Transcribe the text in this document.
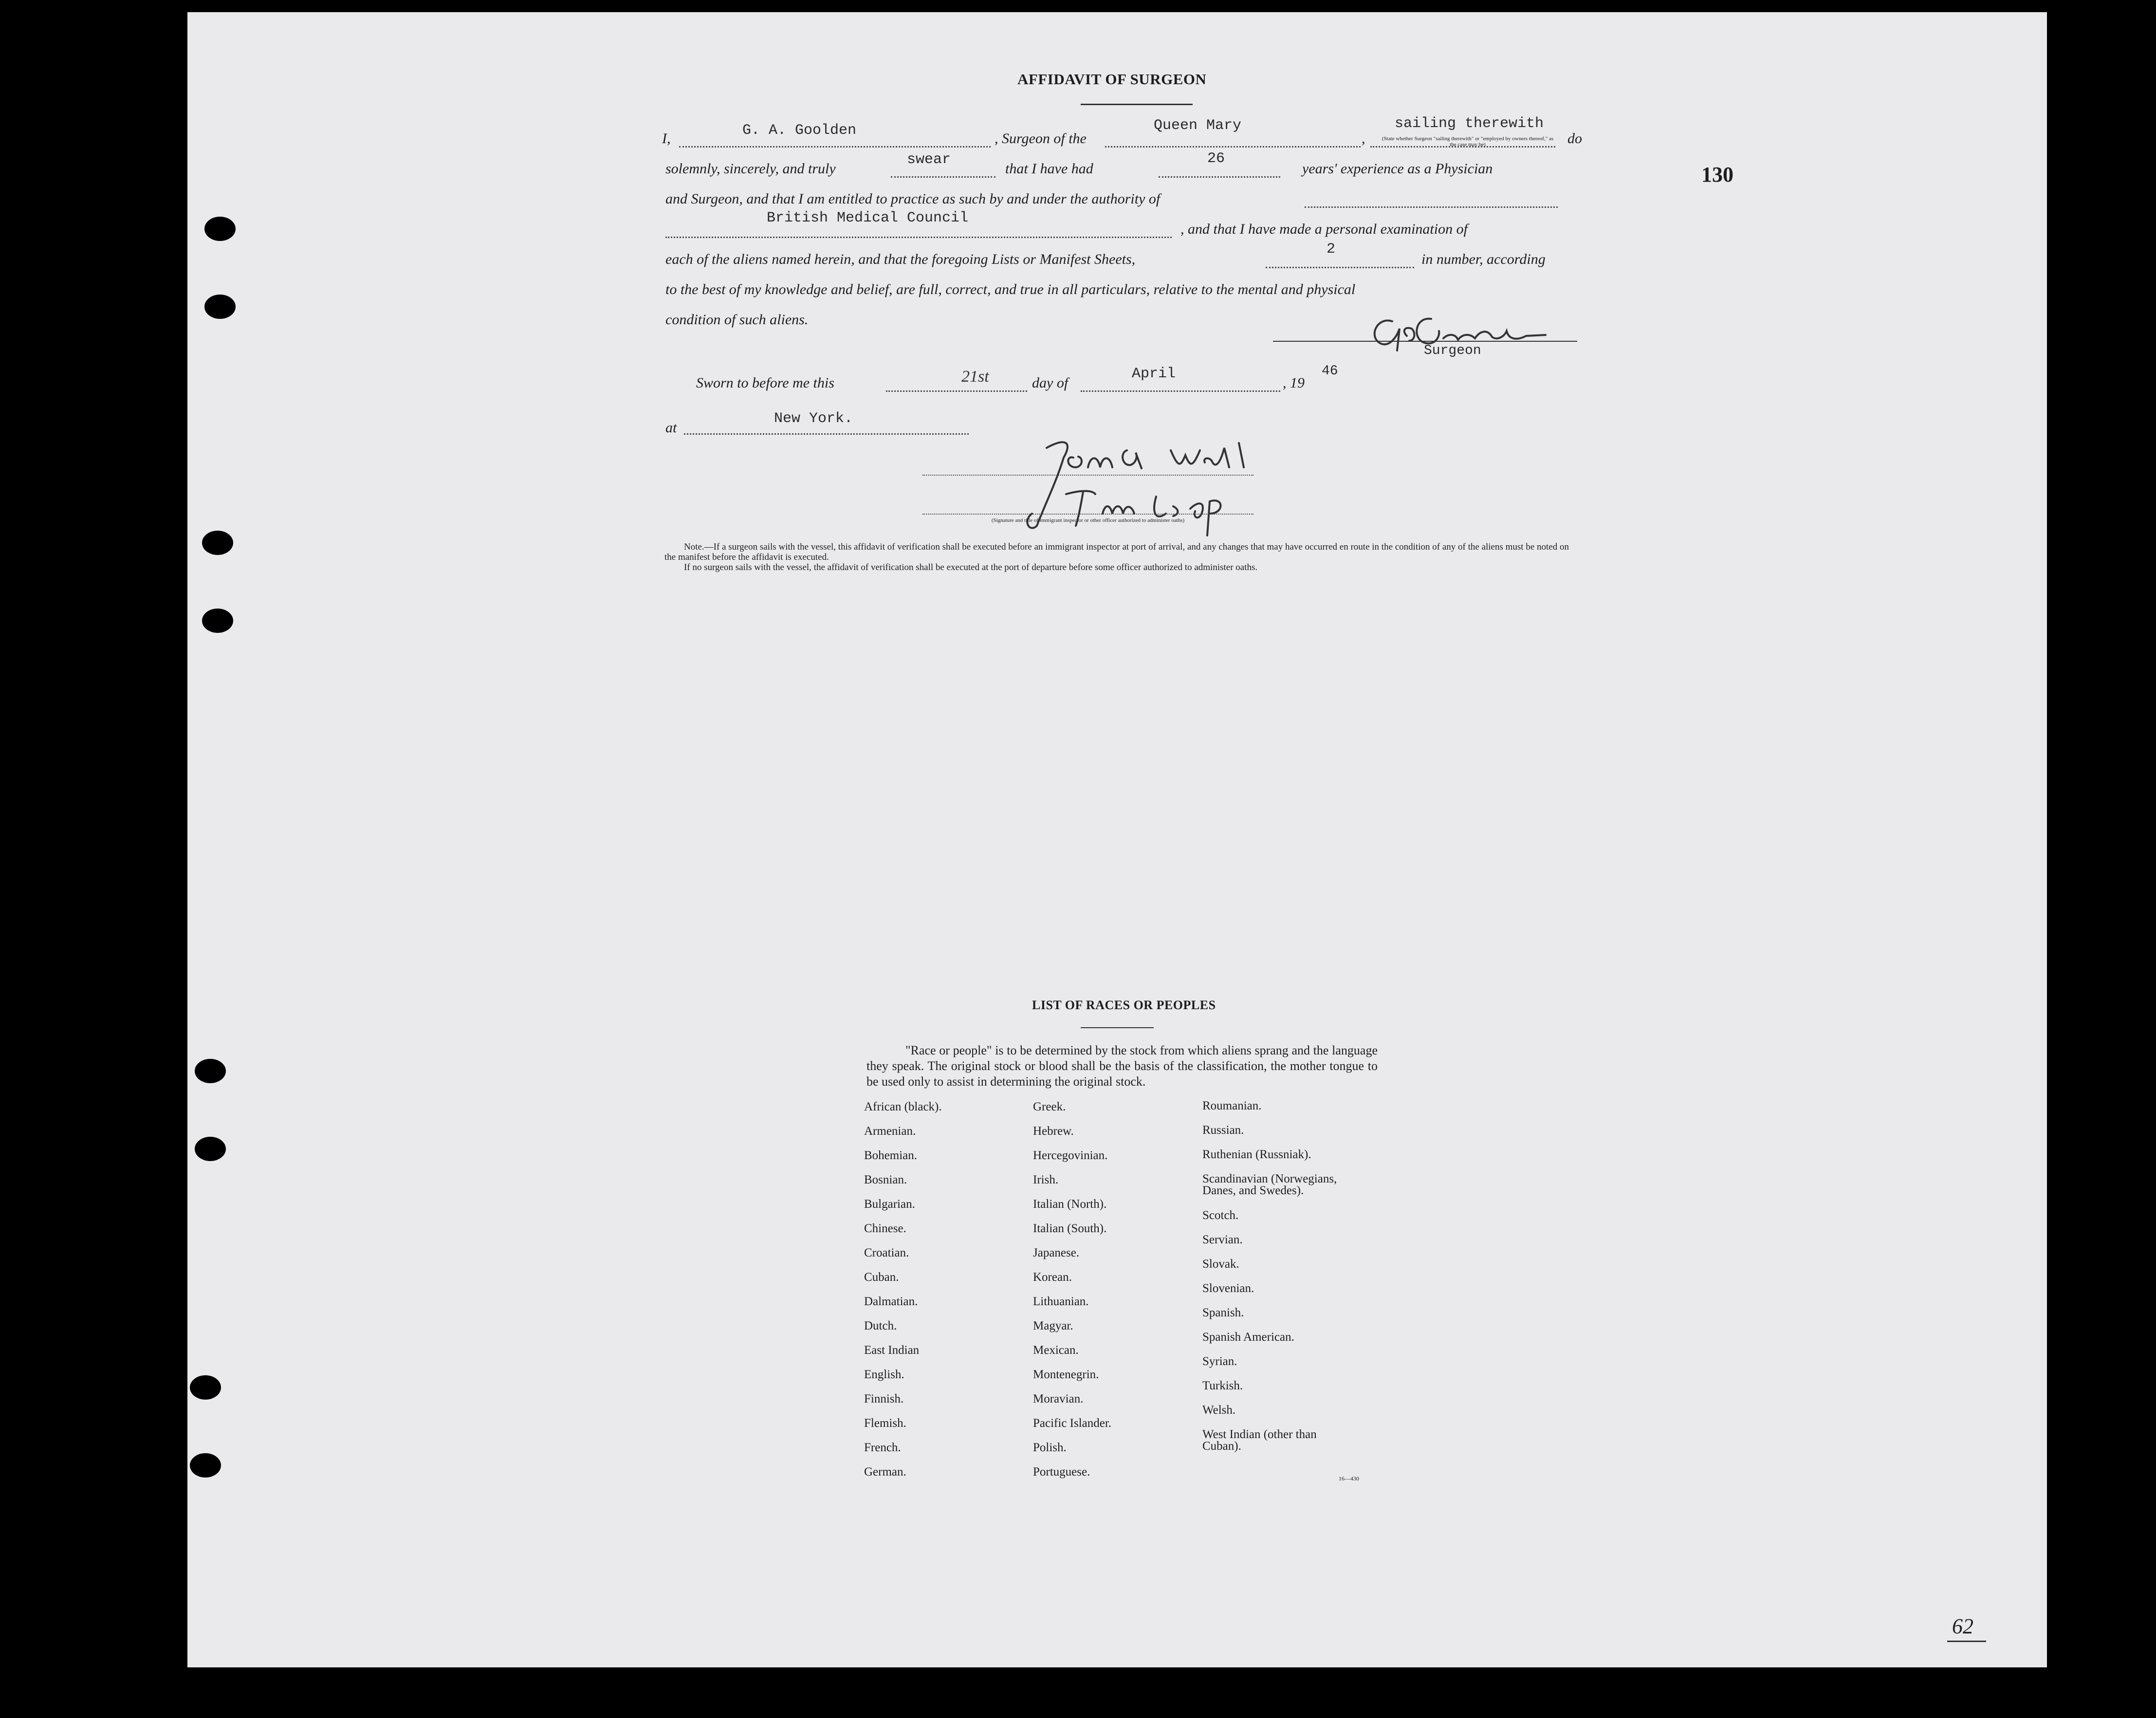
130
AFFIDAVIT OF SURGEON
I,	G. A. Goolden	, Surgeon of the
Queen Mary
,
sailing therewith
(State whether Surgeon "sailing therewith" or "employed by owners thereof," as the case may be)	do
solemnly, sincerely, and truly
swear
that I have had
26
years' experience as a Physician
and Surgeon, and that I am entitled to practice as such by and under the authority of
British Medical Council
, and that I have made a personal examination of
each of the aliens named herein, and that the foregoing Lists or Manifest Sheets,
2
in number, according
to the best of my knowledge and belief, are full, correct, and true in all particulars, relative to the mental and physical
condition of such aliens.
Surgeon
Sworn to before me this	21st	day of
April
, 19
46
at
New York.
(Signature and title of immigrant inspector or other officer authorized to administer oaths)
Note.—If a surgeon sails with the vessel, this affidavit of verification shall be executed before an immigrant inspector at port of arrival, and any changes that may have occurred en route in the condition of any of the aliens must be noted on the manifest before the affidavit is executed.
If no surgeon sails with the vessel, the affidavit of verification shall be executed at the port of departure before some officer authorized to administer oaths.
LIST OF RACES OR PEOPLES
"Race or people" is to be determined by the stock from which aliens sprang and the language they speak. The original stock or blood shall be the basis of the classification, the mother tongue to be used only to assist in determining the original stock.
African (black).
Armenian.
Bohemian.
Bosnian.
Bulgarian.
Chinese.
Croatian.
Cuban.
Dalmatian.
Dutch.
East Indian
English.
Finnish.
Flemish.
French.
German.
Greek.
Hebrew.
Hercegovinian.
Irish.
Italian (North).
Italian (South).
Japanese.
Korean.
Lithuanian.
Magyar.
Mexican.
Montenegrin.
Moravian.
Pacific Islander.
Polish.
Portuguese.
Roumanian.
Russian.
Ruthenian (Russniak).
Scandinavian (Norwegians, Danes, and Swedes).
Scotch.
Servian.
Slovak.
Slovenian.
Spanish.
Spanish American.
Syrian.
Turkish.
Welsh.
West Indian (other than Cuban).
16—430
62
